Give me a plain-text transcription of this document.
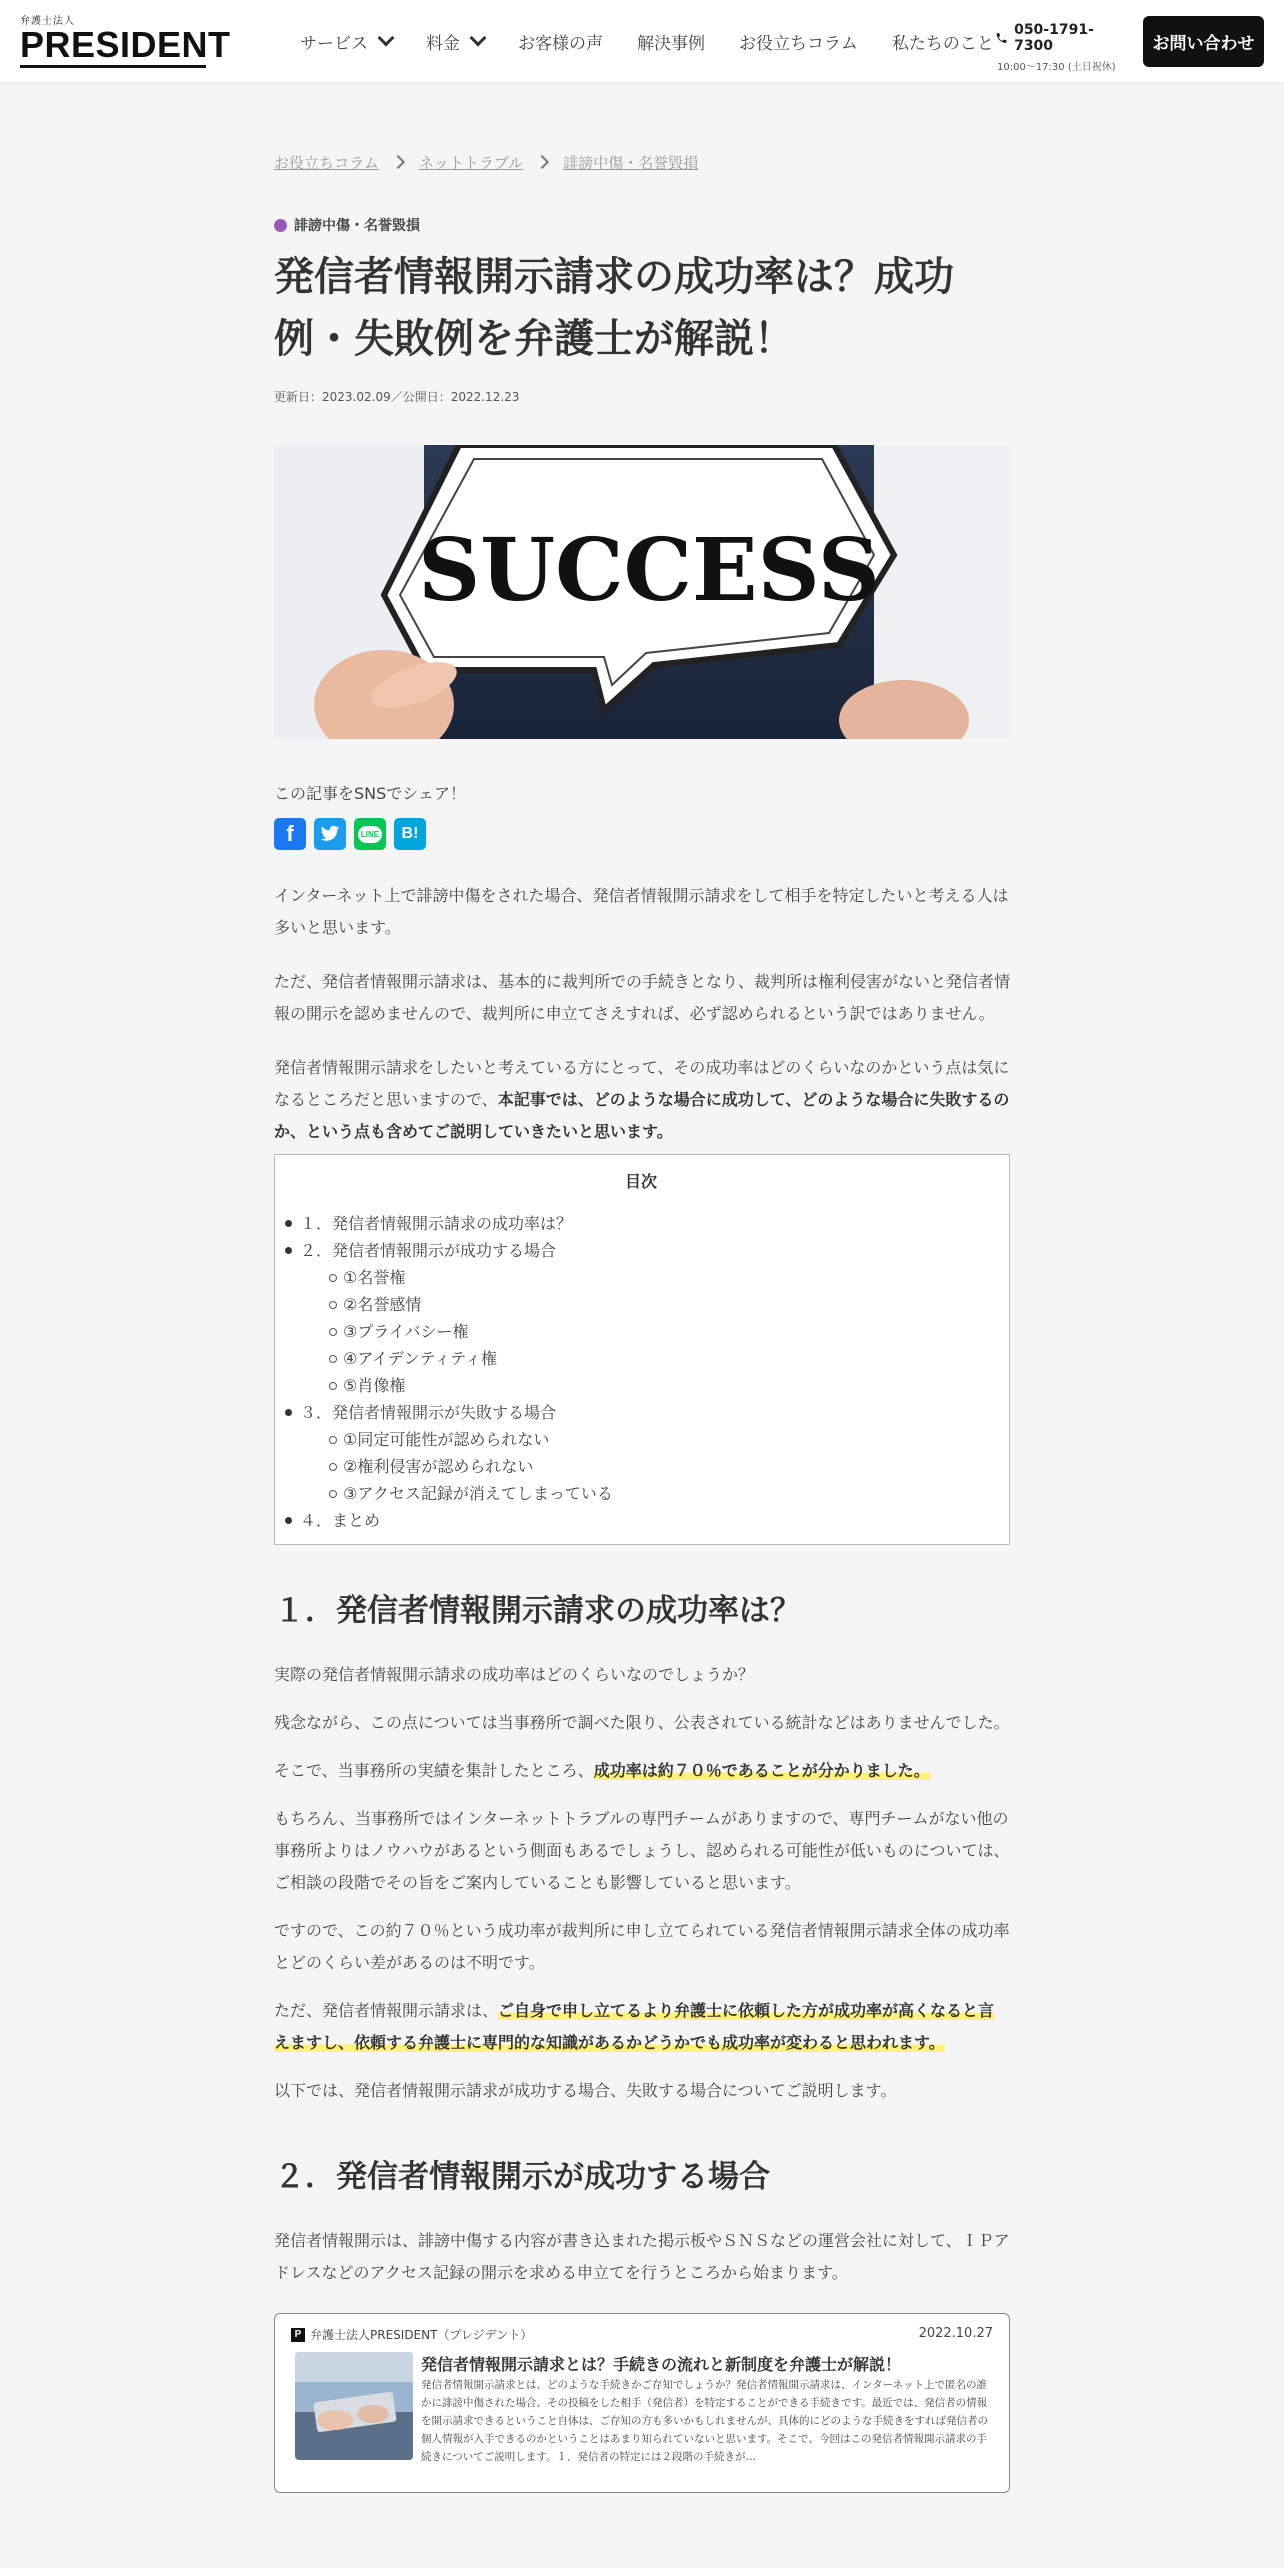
弁護士法人
PRESIDENT	サービス	料金	お客様の声 解決事例 お役立ちコラム 私たちのこと
050-1791-7300
10:00〜17:30 (土日祝休)
お問い合わせ
お役立ちコラム	ネットトラブル	誹謗中傷・名誉毀損
誹謗中傷・名誉毀損
発信者情報開示請求の成功率は？成功例・失敗例を弁護士が解説！
更新日：2023.02.09／公開日：2022.12.23
SUCCESS
この記事をSNSでシェア！
f	LINE	B!

インターネット上で誹謗中傷をされた場合、発信者情報開示請求をして相手を特定したいと考える人は多いと思います。

ただ、発信者情報開示請求は、基本的に裁判所での手続きとなり、裁判所は権利侵害がないと発信者情報の開示を認めませんので、裁判所に申立てさえすれば、必ず認められるという訳ではありません。

発信者情報開示請求をしたいと考えている方にとって、その成功率はどのくらいなのかという点は気になるところだと思いますので、本記事では、どのような場合に成功して、どのような場合に失敗するのか、という点も含めてご説明していきたいと思います。

目次
１．発信者情報開示請求の成功率は？
２．発信者情報開示が成功する場合
①名誉権
②名誉感情
③プライバシー権
④アイデンティティ権
⑤肖像権
３．発信者情報開示が失敗する場合
①同定可能性が認められない
②権利侵害が認められない
③アクセス記録が消えてしまっている
４．まとめ
１．発信者情報開示請求の成功率は？

実際の発信者情報開示請求の成功率はどのくらいなのでしょうか？

残念ながら、この点については当事務所で調べた限り、公表されている統計などはありませんでした。

そこで、当事務所の実績を集計したところ、成功率は約７０％であることが分かりました。

もちろん、当事務所ではインターネットトラブルの専門チームがありますので、専門チームがない他の事務所よりはノウハウがあるという側面もあるでしょうし、認められる可能性が低いものについては、ご相談の段階でその旨をご案内していることも影響していると思います。

ですので、この約７０％という成功率が裁判所に申し立てられている発信者情報開示請求全体の成功率とどのくらい差があるのは不明です。

ただ、発信者情報開示請求は、ご自身で申し立てるより弁護士に依頼した方が成功率が高くなると言えますし、依頼する弁護士に専門的な知識があるかどうかでも成功率が変わると思われます。

以下では、発信者情報開示請求が成功する場合、失敗する場合についてご説明します。

２．発信者情報開示が成功する場合

発信者情報開示は、誹謗中傷する内容が書き込まれた掲示板やＳＮＳなどの運営会社に対して、ＩＰアドレスなどのアクセス記録の開示を求める申立てを行うところから始まります。

P 弁護士法人PRESIDENT（プレジデント）	2022.10.27
発信者情報開示請求とは？手続きの流れと新制度を弁護士が解説！
発信者情報開示請求とは、どのような手続きかご存知でしょうか？発信者情報開示請求は、インターネット上で匿名の誰かに誹謗中傷された場合、その投稿をした相手（発信者）を特定することができる手続きです。最近では、発信者の情報を開示請求できるということ自体は、ご存知の方も多いかもしれませんが、具体的にどのような手続きをすれば発信者の個人情報が入手できるのかということはあまり知られていないと思います。そこで、今回はこの発信者情報開示請求の手続きについてご説明します。１．発信者の特定には２段階の手続きが…
